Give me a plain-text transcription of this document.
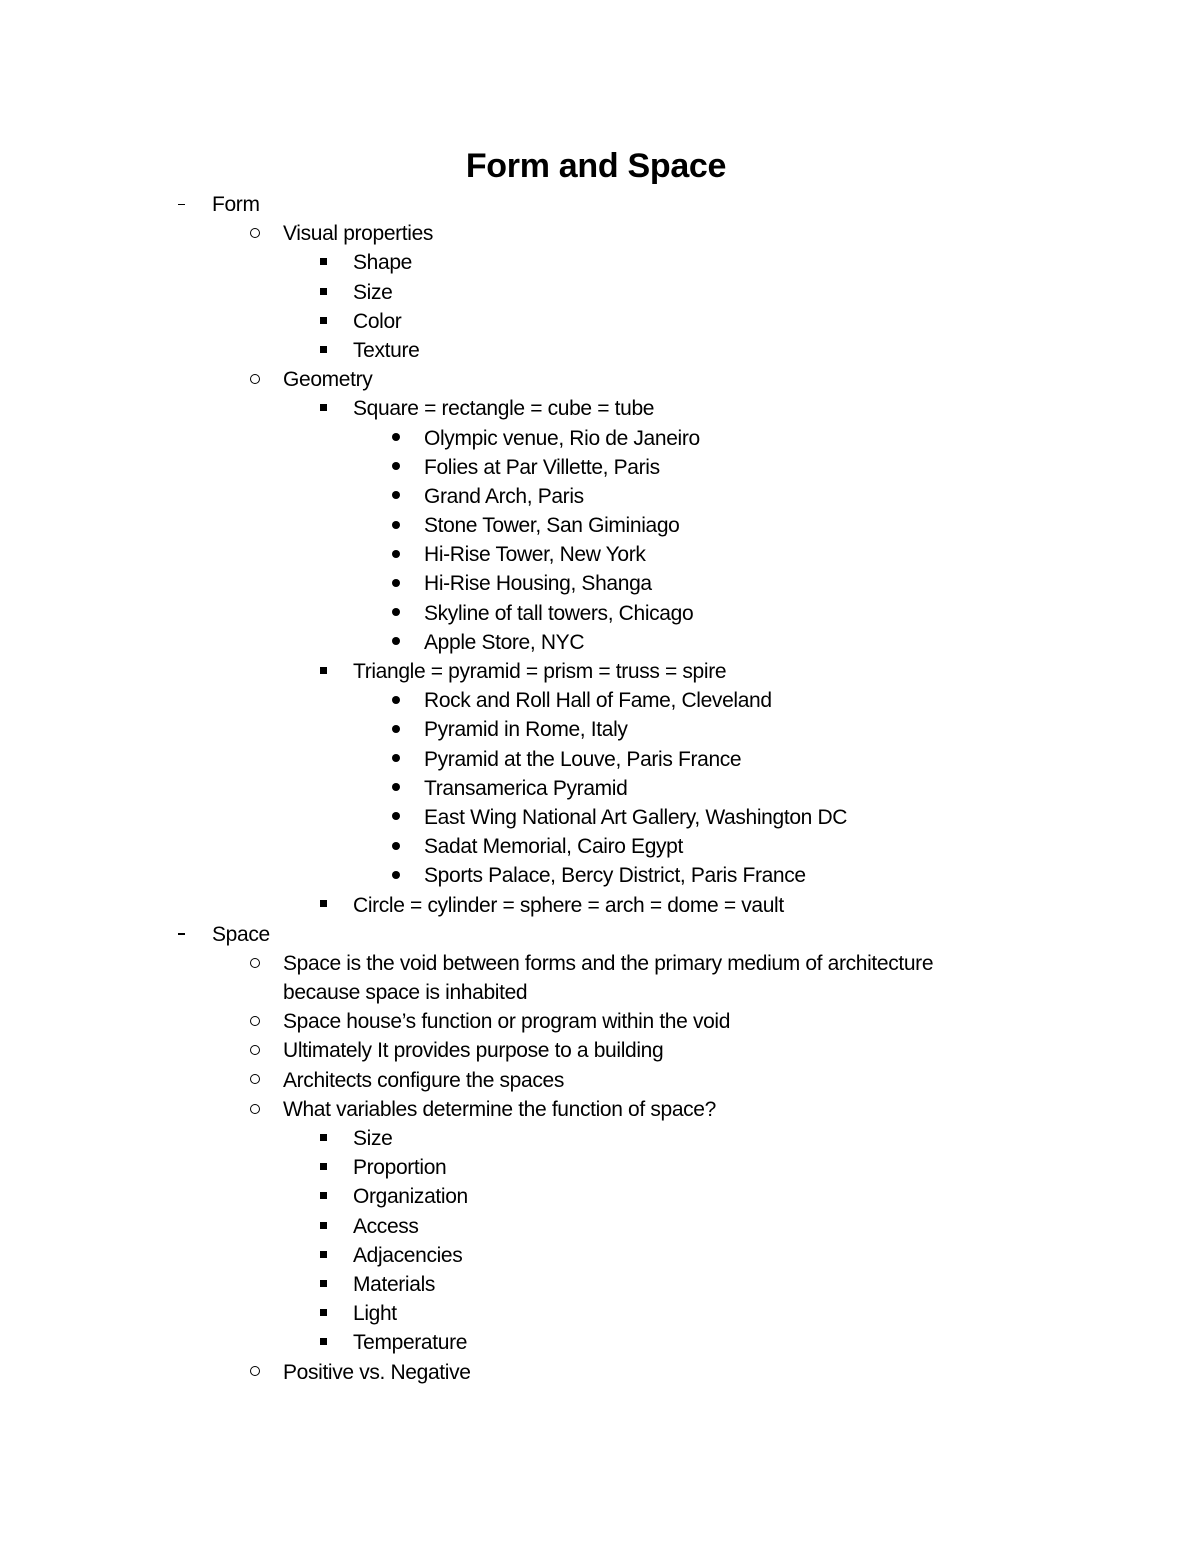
Form and Space
Form
Visual properties
Shape
Size
Color
Texture
Geometry
Square = rectangle = cube = tube
Olympic venue, Rio de Janeiro
Folies at Par Villette, Paris
Grand Arch, Paris
Stone Tower, San Giminiago
Hi-Rise Tower, New York
Hi-Rise Housing, Shanga
Skyline of tall towers, Chicago
Apple Store, NYC
Triangle = pyramid = prism = truss = spire
Rock and Roll Hall of Fame, Cleveland
Pyramid in Rome, Italy
Pyramid at the Louve, Paris France
Transamerica Pyramid
East Wing National Art Gallery, Washington DC
Sadat Memorial, Cairo Egypt
Sports Palace, Bercy District, Paris France
Circle = cylinder = sphere = arch = dome = vault
Space
Space is the void between forms and the primary medium of architecture
because space is inhabited
Space house’s function or program within the void
Ultimately It provides purpose to a building
Architects configure the spaces
What variables determine the function of space?
Size
Proportion
Organization
Access
Adjacencies
Materials
Light
Temperature
Positive vs. Negative
